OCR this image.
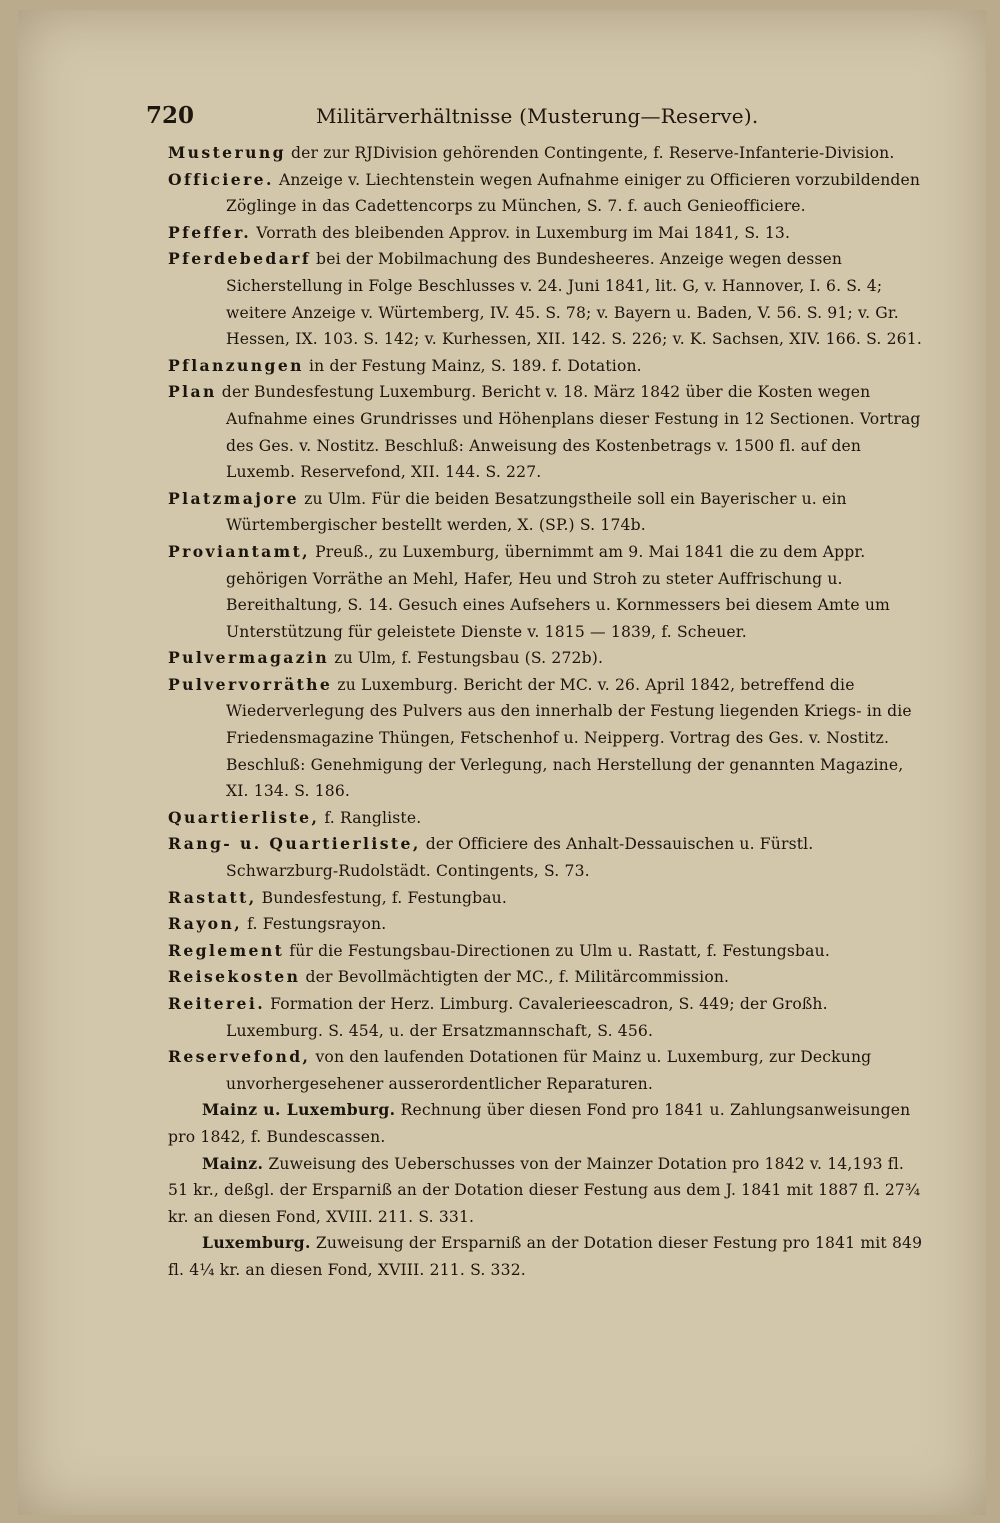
720	Militärverhältnisse (Musterung—Reserve).

Musterung der zur RJDivision gehörenden Contingente, f. Reserve-Infanterie-Division.

Officiere. Anzeige v. Liechtenstein wegen Aufnahme einiger zu Officieren vorzubildenden Zöglinge in das Cadettencorps zu München, S. 7. f. auch Genieofficiere.

Pfeffer. Vorrath des bleibenden Approv. in Luxemburg im Mai 1841, S. 13.

Pferdebedarf bei der Mobilmachung des Bundesheeres. Anzeige wegen dessen Sicherstellung in Folge Beschlusses v. 24. Juni 1841, lit. G, v. Hannover, I. 6. S. 4; weitere Anzeige v. Würtemberg, IV. 45. S. 78; v. Bayern u. Baden, V. 56. S. 91; v. Gr. Hessen, IX. 103. S. 142; v. Kurhessen, XII. 142. S. 226; v. K. Sachsen, XIV. 166. S. 261.

Pflanzungen in der Festung Mainz, S. 189. f. Dotation.

Plan der Bundesfestung Luxemburg. Bericht v. 18. März 1842 über die Kosten wegen Aufnahme eines Grundrisses und Höhenplans dieser Festung in 12 Sectionen. Vortrag des Ges. v. Nostitz. Beschluß: Anweisung des Kostenbetrags v. 1500 fl. auf den Luxemb. Reservefond, XII. 144. S. 227.

Platzmajore zu Ulm. Für die beiden Besatzungstheile soll ein Bayerischer u. ein Würtembergischer bestellt werden, X. (SP.) S. 174b.

Proviantamt, Preuß., zu Luxemburg, übernimmt am 9. Mai 1841 die zu dem Appr. gehörigen Vorräthe an Mehl, Hafer, Heu und Stroh zu steter Auffrischung u. Bereithaltung, S. 14. Gesuch eines Aufsehers u. Kornmessers bei diesem Amte um Unterstützung für geleistete Dienste v. 1815 — 1839, f. Scheuer.

Pulvermagazin zu Ulm, f. Festungsbau (S. 272b).

Pulvervorräthe zu Luxemburg. Bericht der MC. v. 26. April 1842, betreffend die Wiederverlegung des Pulvers aus den innerhalb der Festung liegenden Kriegs- in die Friedensmagazine Thüngen, Fetschenhof u. Neipperg. Vortrag des Ges. v. Nostitz. Beschluß: Genehmigung der Verlegung, nach Herstellung der genannten Magazine, XI. 134. S. 186.

Quartierliste, f. Rangliste.

Rang- u. Quartierliste, der Officiere des Anhalt-Dessauischen u. Fürstl. Schwarzburg-Rudolstädt. Contingents, S. 73.

Rastatt, Bundesfestung, f. Festungbau.

Rayon, f. Festungsrayon.

Reglement für die Festungsbau-Directionen zu Ulm u. Rastatt, f. Festungsbau.

Reisekosten der Bevollmächtigten der MC., f. Militärcommission.

Reiterei. Formation der Herz. Limburg. Cavalerieescadron, S. 449; der Großh. Luxemburg. S. 454, u. der Ersatzmannschaft, S. 456.

Reservefond, von den laufenden Dotationen für Mainz u. Luxemburg, zur Deckung unvorhergesehener ausserordentlicher Reparaturen.

Mainz u. Luxemburg. Rechnung über diesen Fond pro 1841 u. Zahlungsanweisungen pro 1842, f. Bundescassen.

Mainz. Zuweisung des Ueberschusses von der Mainzer Dotation pro 1842 v. 14,193 fl. 51 kr., deßgl. der Ersparniß an der Dotation dieser Festung aus dem J. 1841 mit 1887 fl. 27¾ kr. an diesen Fond, XVIII. 211. S. 331.

Luxemburg. Zuweisung der Ersparniß an der Dotation dieser Festung pro 1841 mit 849 fl. 4¼ kr. an diesen Fond, XVIII. 211. S. 332.
